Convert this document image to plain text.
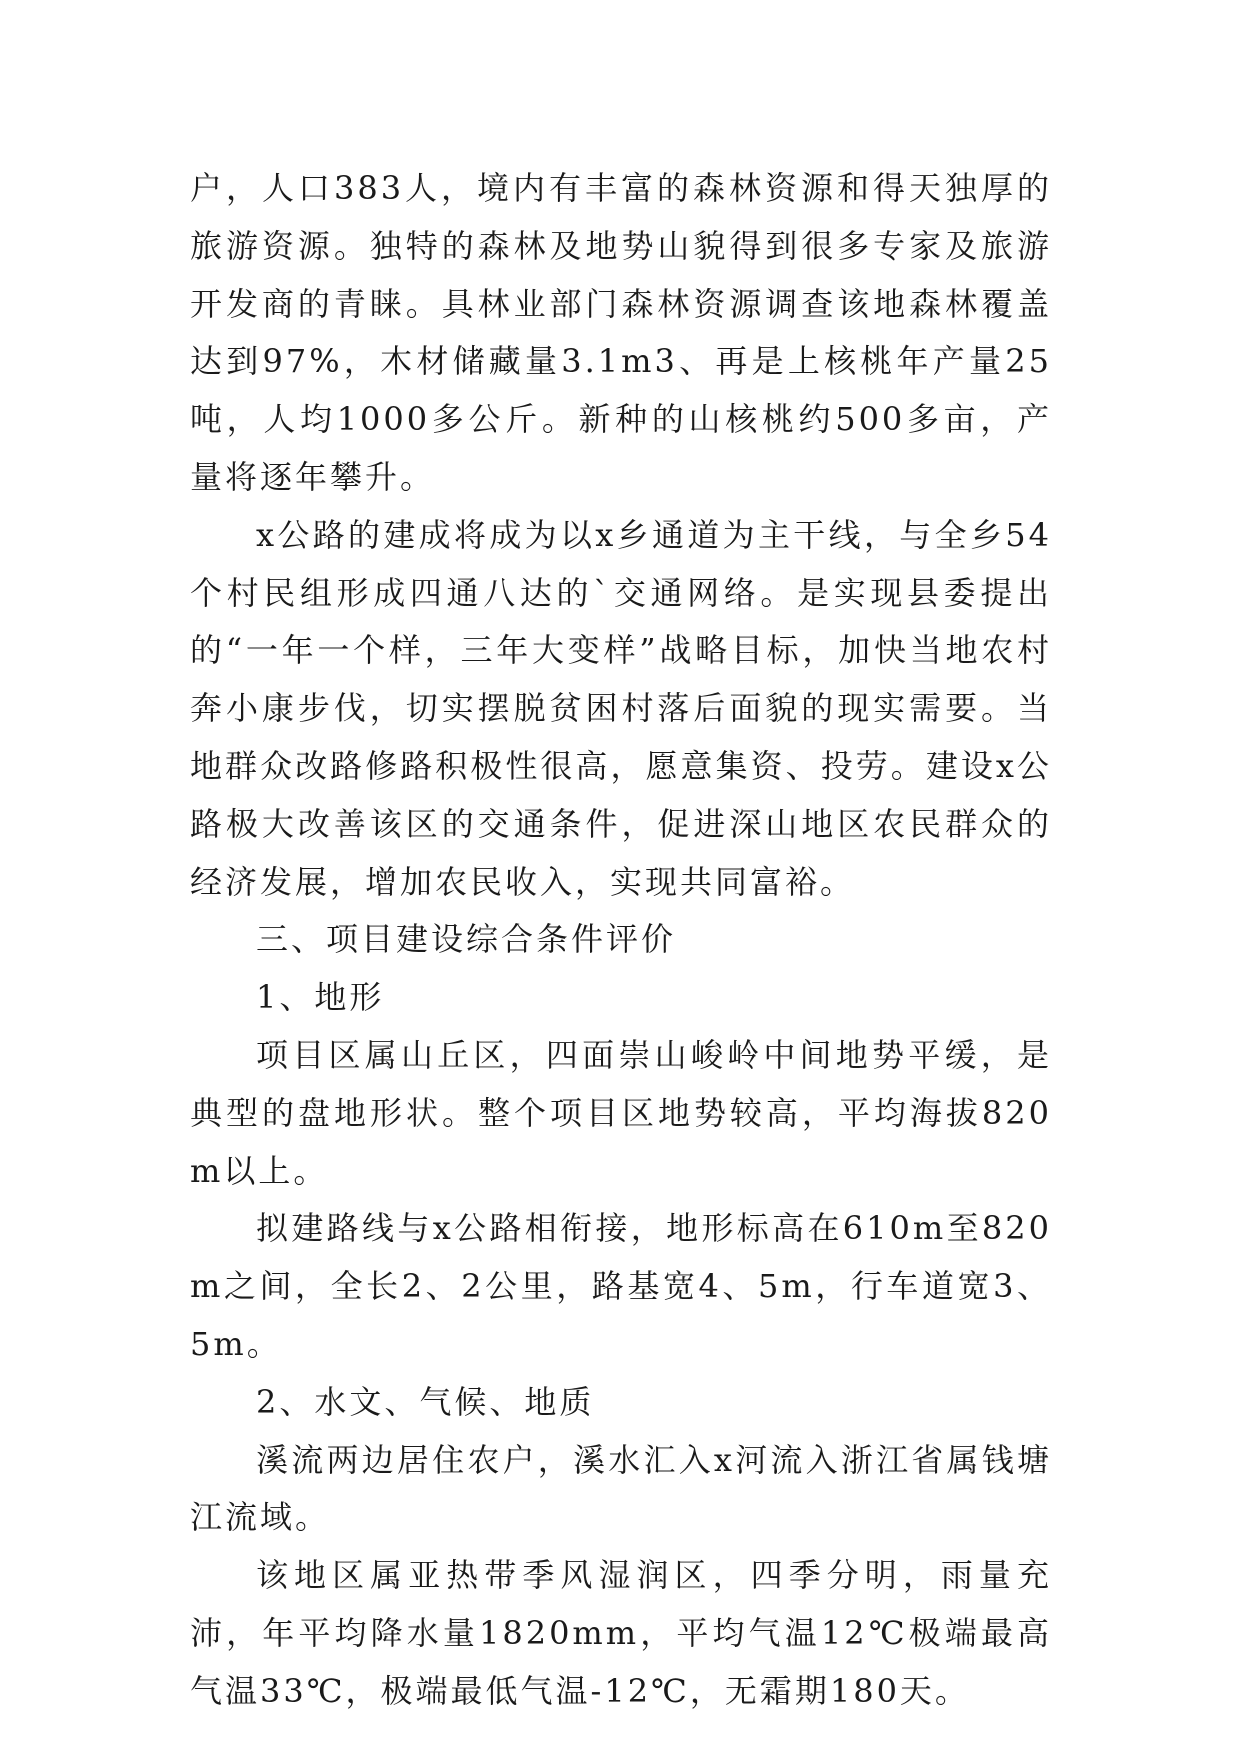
户，人口383人，境内有丰富的森林资源和得天独厚的旅游资源。独特的森林及地势山貌得到很多专家及旅游开发商的青睐。具林业部门森林资源调查该地森林覆盖达到97%，木材储藏量3.1m3、再是上核桃年产量25吨，人均1000多公斤。新种的山核桃约500多亩，产量将逐年攀升。

x公路的建成将成为以x乡通道为主干线，与全乡54个村民组形成四通八达的`交通网络。是实现县委提出的“一年一个样，三年大变样”战略目标，加快当地农村奔小康步伐，切实摆脱贫困村落后面貌的现实需要。当地群众改路修路积极性很高，愿意集资、投劳。建设x公路极大改善该区的交通条件，促进深山地区农民群众的经济发展，增加农民收入，实现共同富裕。

三、项目建设综合条件评价

1、地形

项目区属山丘区，四面崇山峻岭中间地势平缓，是典型的盘地形状。整个项目区地势较高，平均海拔820m以上。

拟建路线与x公路相衔接，地形标高在610m至820m之间，全长2、2公里，路基宽4、5m，行车道宽3、5m。

2、水文、气候、地质

溪流两边居住农户，溪水汇入x河流入浙江省属钱塘江流域。

该地区属亚热带季风湿润区，四季分明，雨量充沛，年平均降水量1820mm，平均气温12℃极端最高气温33℃，极端最低气温-12℃，无霜期180天。
